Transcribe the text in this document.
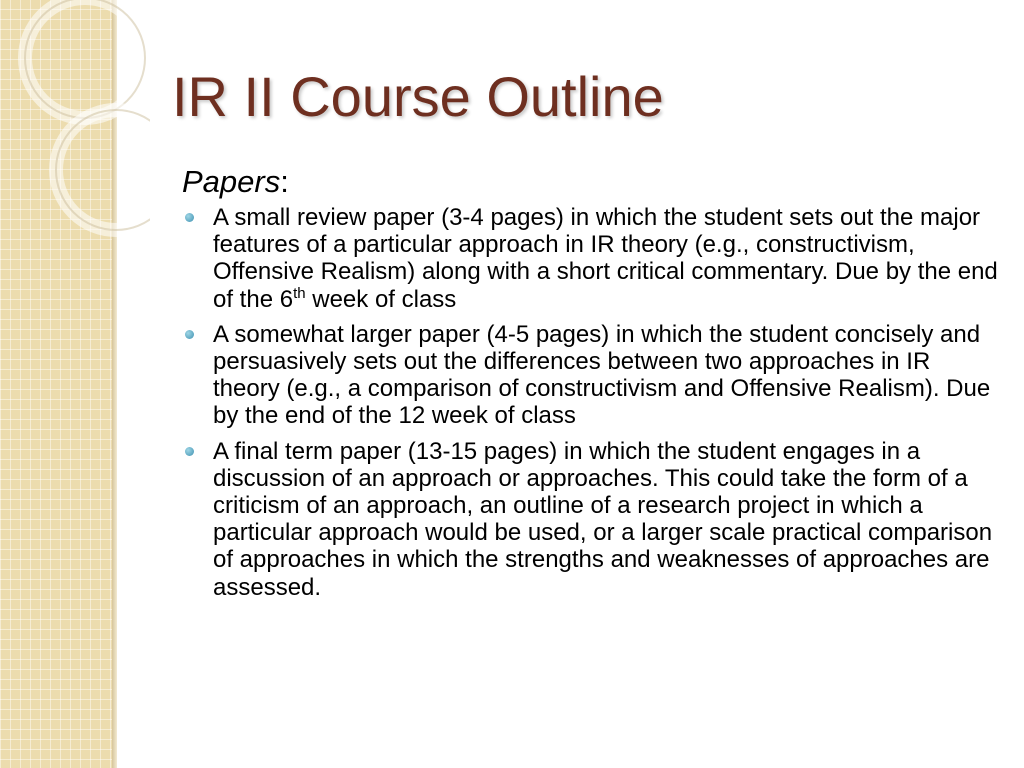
IR II Course Outline

Papers:

A small review paper (3-4 pages) in which the student sets out the major features of a particular approach in IR theory (e.g., constructivism, Offensive Realism) along with a short critical commentary. Due by the end of the 6th week of class
A somewhat larger paper (4-5 pages) in which the student concisely and persuasively sets out the differences between two approaches in IR theory (e.g., a comparison of constructivism and Offensive Realism). Due by the end of the 12 week of class
A final term paper (13-15 pages) in which the student engages in a discussion of an approach or approaches. This could take the form of a criticism of an approach, an outline of a research project in which a particular approach would be used, or a larger scale practical comparison of approaches in which the strengths and weaknesses of approaches are assessed.
